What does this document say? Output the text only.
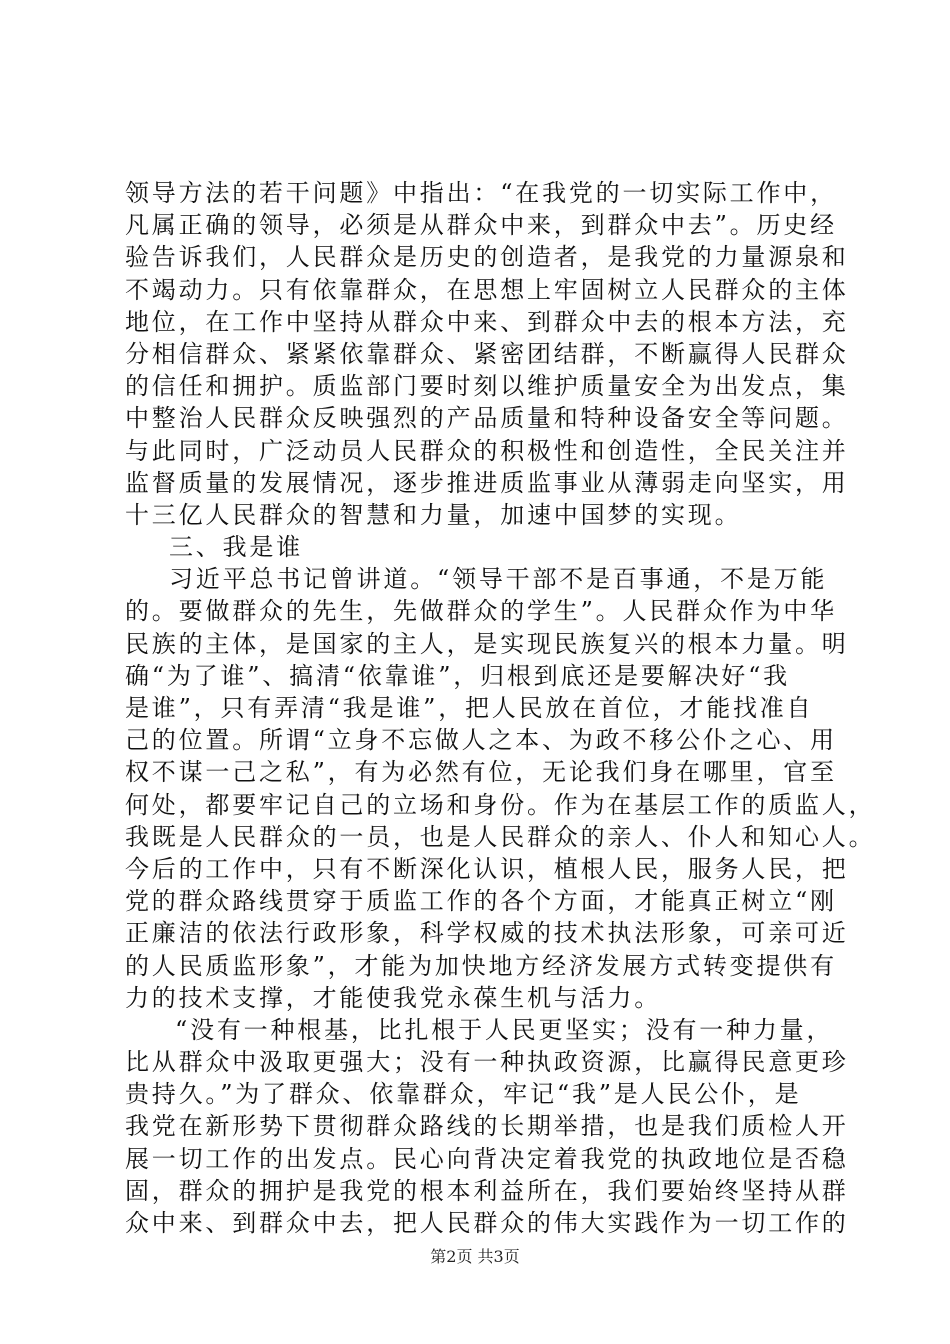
领导方法的若干问题》中指出：“在我党的一切实际工作中，
凡属正确的领导，必须是从群众中来，到群众中去”。历史经
验告诉我们，人民群众是历史的创造者，是我党的力量源泉和
不竭动力。只有依靠群众，在思想上牢固树立人民群众的主体
地位，在工作中坚持从群众中来、到群众中去的根本方法，充
分相信群众、紧紧依靠群众、紧密团结群，不断赢得人民群众
的信任和拥护。质监部门要时刻以维护质量安全为出发点，集
中整治人民群众反映强烈的产品质量和特种设备安全等问题。
与此同时，广泛动员人民群众的积极性和创造性，全民关注并
监督质量的发展情况，逐步推进质监事业从薄弱走向坚实，用
十三亿人民群众的智慧和力量，加速中国梦的实现。
三、我是谁
习近平总书记曾讲道。“领导干部不是百事通，不是万能
的。要做群众的先生，先做群众的学生”。人民群众作为中华
民族的主体，是国家的主人，是实现民族复兴的根本力量。明
确“为了谁”、搞清“依靠谁”，归根到底还是要解决好“我
是谁”，只有弄清“我是谁”，把人民放在首位，才能找准自
己的位置。所谓“立身不忘做人之本、为政不移公仆之心、用
权不谋一己之私”，有为必然有位，无论我们身在哪里，官至
何处，都要牢记自己的立场和身份。作为在基层工作的质监人，
我既是人民群众的一员，也是人民群众的亲人、仆人和知心人。
今后的工作中，只有不断深化认识，植根人民，服务人民，把
党的群众路线贯穿于质监工作的各个方面，才能真正树立“刚
正廉洁的依法行政形象，科学权威的技术执法形象，可亲可近
的人民质监形象”，才能为加快地方经济发展方式转变提供有
力的技术支撑，才能使我党永葆生机与活力。
“没有一种根基，比扎根于人民更坚实；没有一种力量，
比从群众中汲取更强大；没有一种执政资源，比赢得民意更珍
贵持久。”为了群众、依靠群众，牢记“我”是人民公仆，是
我党在新形势下贯彻群众路线的长期举措，也是我们质检人开
展一切工作的出发点。民心向背决定着我党的执政地位是否稳
固，群众的拥护是我党的根本利益所在，我们要始终坚持从群
众中来、到群众中去，把人民群众的伟大实践作为一切工作的
第2页 共3页
